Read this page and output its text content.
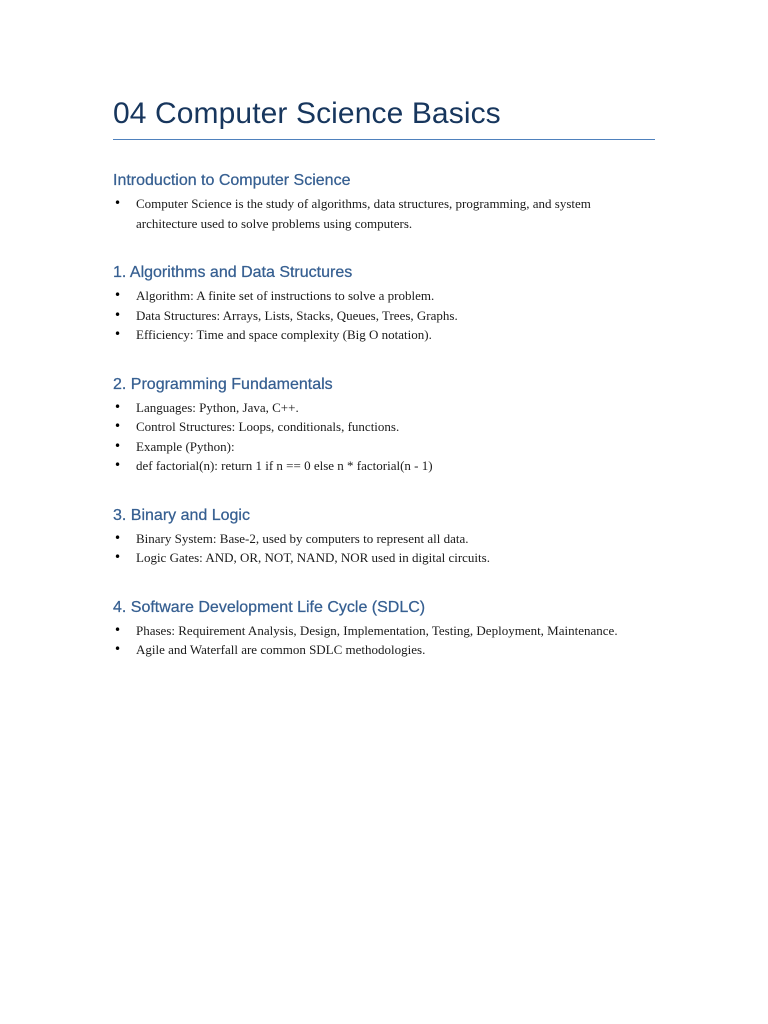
04 Computer Science Basics
Introduction to Computer Science
• Computer Science is the study of algorithms, data structures, programming, and system architecture used to solve problems using computers.
1. Algorithms and Data Structures
• Algorithm: A finite set of instructions to solve a problem.
• Data Structures: Arrays, Lists, Stacks, Queues, Trees, Graphs.
• Efficiency: Time and space complexity (Big O notation).
2. Programming Fundamentals
• Languages: Python, Java, C++.
• Control Structures: Loops, conditionals, functions.
• Example (Python):
• def factorial(n): return 1 if n == 0 else n * factorial(n - 1)
3. Binary and Logic
• Binary System: Base-2, used by computers to represent all data.
• Logic Gates: AND, OR, NOT, NAND, NOR used in digital circuits.
4. Software Development Life Cycle (SDLC)
• Phases: Requirement Analysis, Design, Implementation, Testing, Deployment, Maintenance.
• Agile and Waterfall are common SDLC methodologies.
